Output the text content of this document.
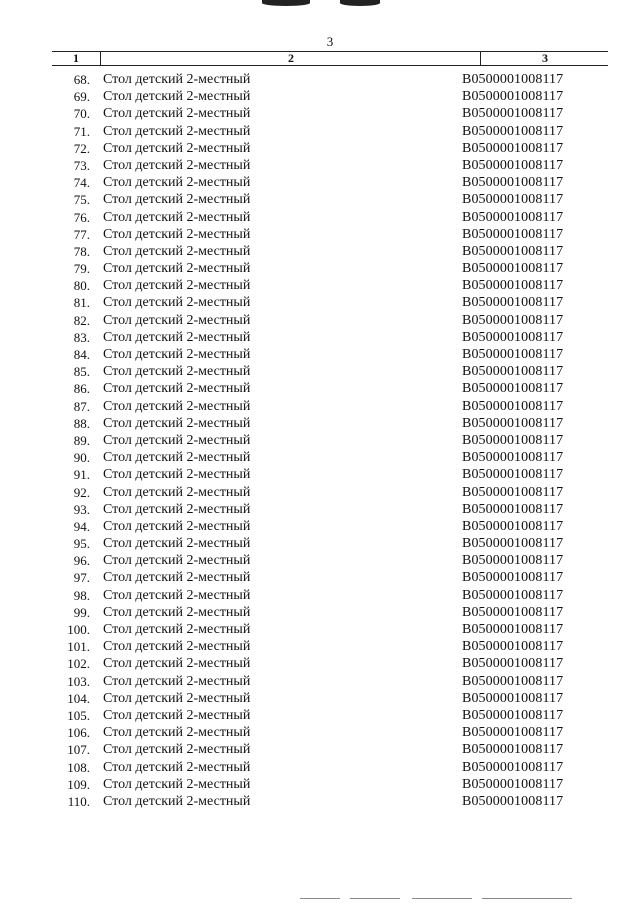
3
1	2	3
68. Стол детский 2-местный	B0500001008117
69. Стол детский 2-местный	B0500001008117
70. Стол детский 2-местный	B0500001008117
71. Стол детский 2-местный	B0500001008117
72. Стол детский 2-местный	B0500001008117
73. Стол детский 2-местный	B0500001008117
74. Стол детский 2-местный	B0500001008117
75. Стол детский 2-местный	B0500001008117
76. Стол детский 2-местный	B0500001008117
77. Стол детский 2-местный	B0500001008117
78. Стол детский 2-местный	B0500001008117
79. Стол детский 2-местный	B0500001008117
80. Стол детский 2-местный	B0500001008117
81. Стол детский 2-местный	B0500001008117
82. Стол детский 2-местный	B0500001008117
83. Стол детский 2-местный	B0500001008117
84. Стол детский 2-местный	B0500001008117
85. Стол детский 2-местный	B0500001008117
86. Стол детский 2-местный	B0500001008117
87. Стол детский 2-местный	B0500001008117
88. Стол детский 2-местный	B0500001008117
89. Стол детский 2-местный	B0500001008117
90. Стол детский 2-местный	B0500001008117
91. Стол детский 2-местный	B0500001008117
92. Стол детский 2-местный	B0500001008117
93. Стол детский 2-местный	B0500001008117
94. Стол детский 2-местный	B0500001008117
95. Стол детский 2-местный	B0500001008117
96. Стол детский 2-местный	B0500001008117
97. Стол детский 2-местный	B0500001008117
98. Стол детский 2-местный	B0500001008117
99. Стол детский 2-местный	B0500001008117
100. Стол детский 2-местный	B0500001008117
101. Стол детский 2-местный	B0500001008117
102. Стол детский 2-местный	B0500001008117
103. Стол детский 2-местный	B0500001008117
104. Стол детский 2-местный	B0500001008117
105. Стол детский 2-местный	B0500001008117
106. Стол детский 2-местный	B0500001008117
107. Стол детский 2-местный	B0500001008117
108. Стол детский 2-местный	B0500001008117
109. Стол детский 2-местный	B0500001008117
110. Стол детский 2-местный	B0500001008117
